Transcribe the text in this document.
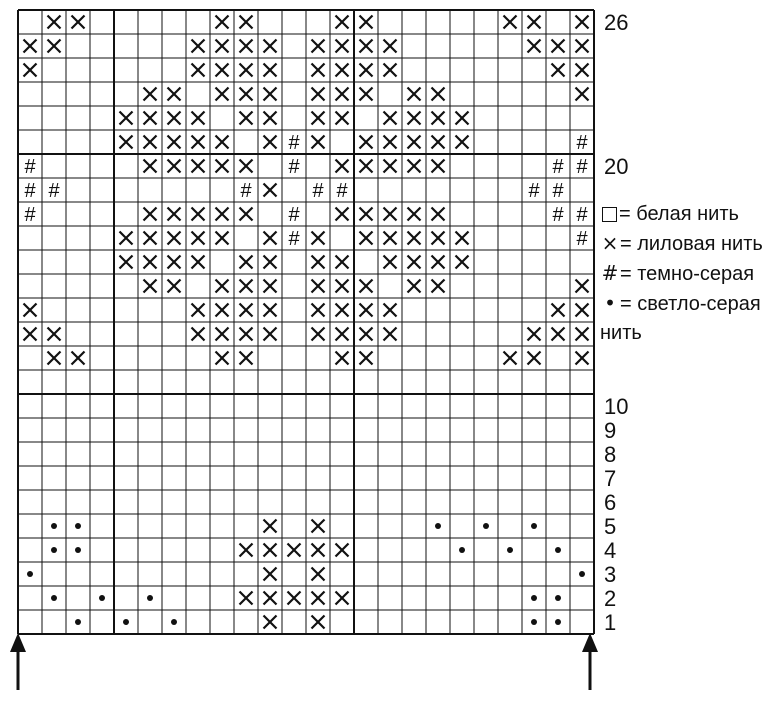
#	#
#	#	# #
# #	#	# #	# #
#	#	# #
#	#
26
20
10
9
8
7
6
5
4
3
2
1
= белая нить
×= лиловая нить
#= темно-серая
• = светло-серая
нить
